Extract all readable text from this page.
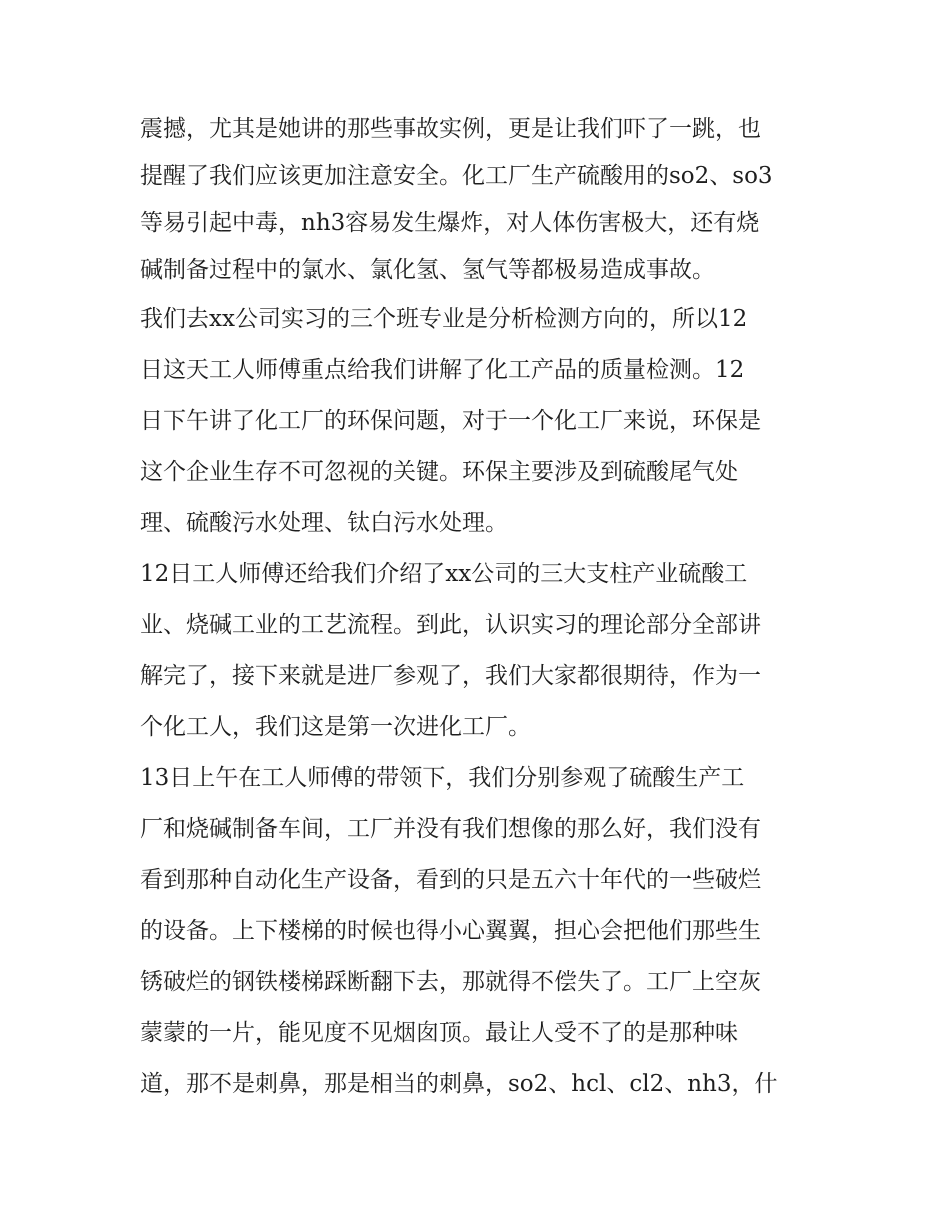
震撼，尤其是她讲的那些事故实例，更是让我们吓了一跳，也
提醒了我们应该更加注意安全。化工厂生产硫酸用的so2、so3
等易引起中毒，nh3容易发生爆炸，对人体伤害极大，还有烧
碱制备过程中的氯水、氯化氢、氢气等都极易造成事故。
我们去xx公司实习的三个班专业是分析检测方向的，所以12
日这天工人师傅重点给我们讲解了化工产品的质量检测。12
日下午讲了化工厂的环保问题，对于一个化工厂来说，环保是
这个企业生存不可忽视的关键。环保主要涉及到硫酸尾气处
理、硫酸污水处理、钛白污水处理。
12日工人师傅还给我们介绍了xx公司的三大支柱产业硫酸工
业、烧碱工业的工艺流程。到此，认识实习的理论部分全部讲
解完了，接下来就是进厂参观了，我们大家都很期待，作为一
个化工人，我们这是第一次进化工厂。
13日上午在工人师傅的带领下，我们分别参观了硫酸生产工
厂和烧碱制备车间，工厂并没有我们想像的那么好，我们没有
看到那种自动化生产设备，看到的只是五六十年代的一些破烂
的设备。上下楼梯的时候也得小心翼翼，担心会把他们那些生
锈破烂的钢铁楼梯踩断翻下去，那就得不偿失了。工厂上空灰
蒙蒙的一片，能见度不见烟囱顶。最让人受不了的是那种味
道，那不是刺鼻，那是相当的刺鼻，so2、hcl、cl2、nh3，什
